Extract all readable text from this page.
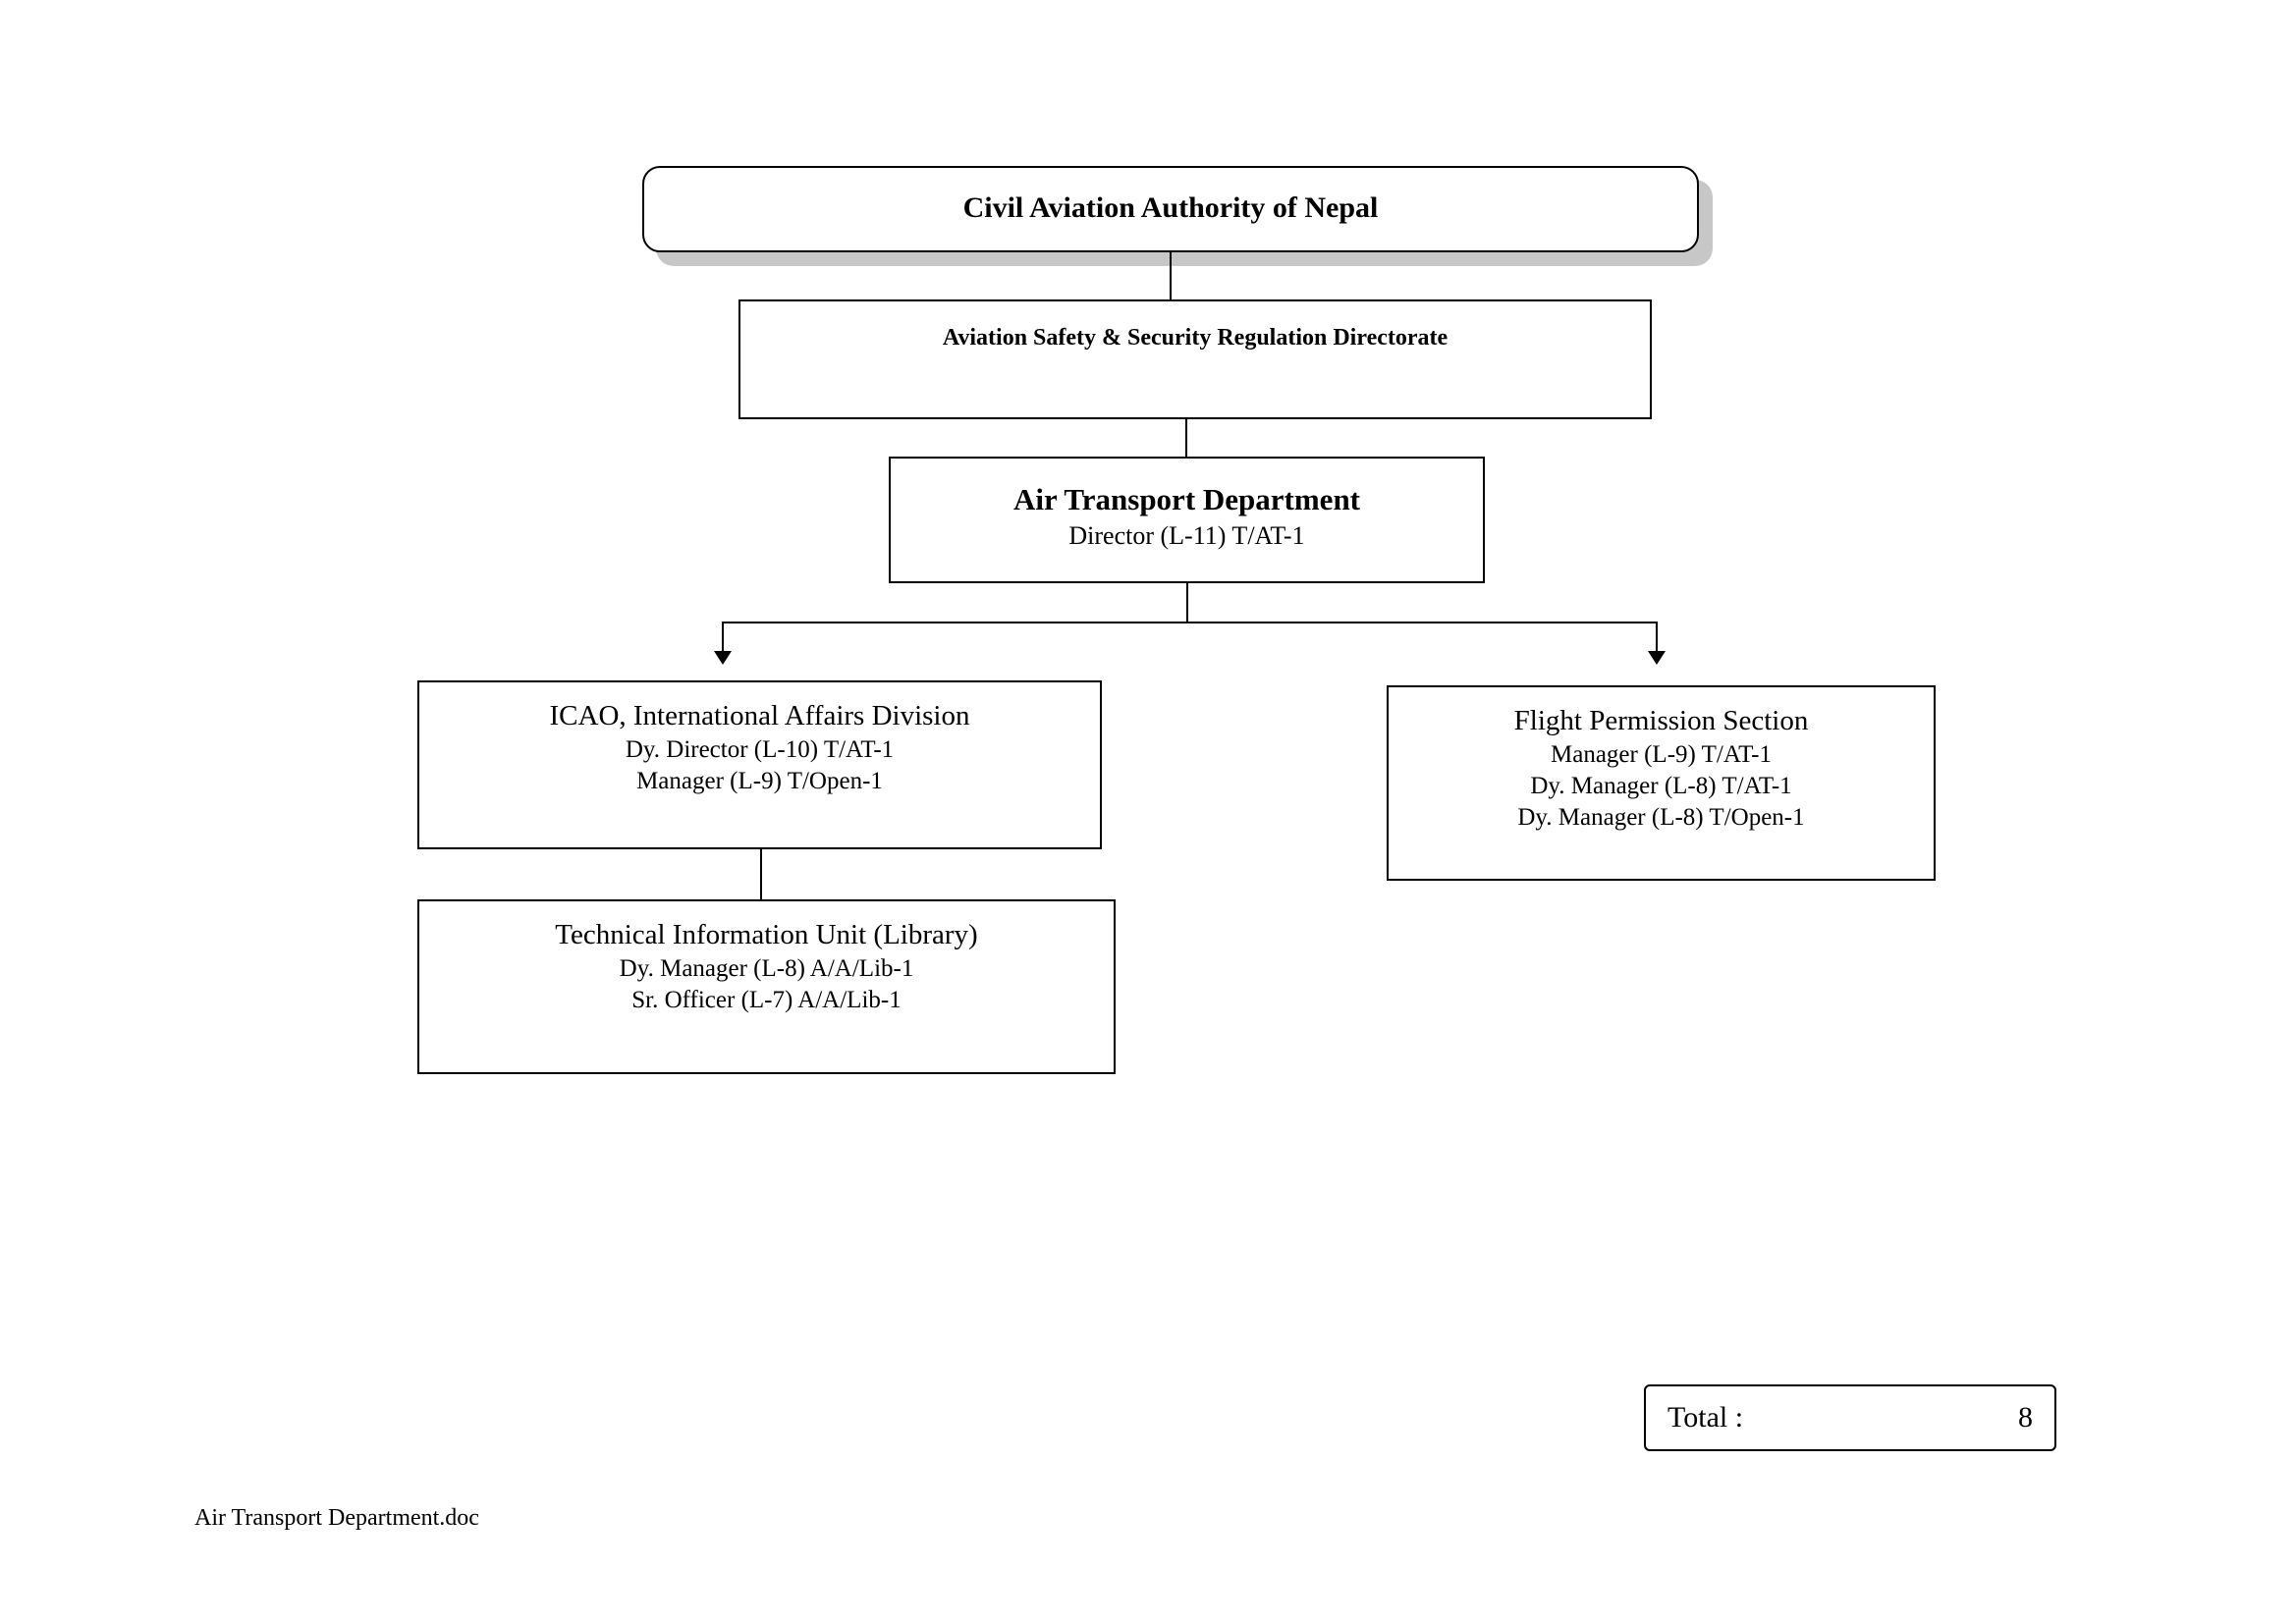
Civil Aviation Authority of Nepal
Aviation Safety & Security Regulation Directorate
Air Transport Department
Director (L-11) T/AT-1
ICAO, International Affairs Division
Dy. Director (L-10) T/AT-1
Manager (L-9) T/Open-1
Flight Permission Section
Manager (L-9) T/AT-1
Dy. Manager (L-8) T/AT-1
Dy. Manager (L-8) T/Open-1
Technical Information Unit (Library)
Dy. Manager (L-8) A/A/Lib-1
Sr. Officer (L-7) A/A/Lib-1
Total :	8
Air Transport Department.doc
